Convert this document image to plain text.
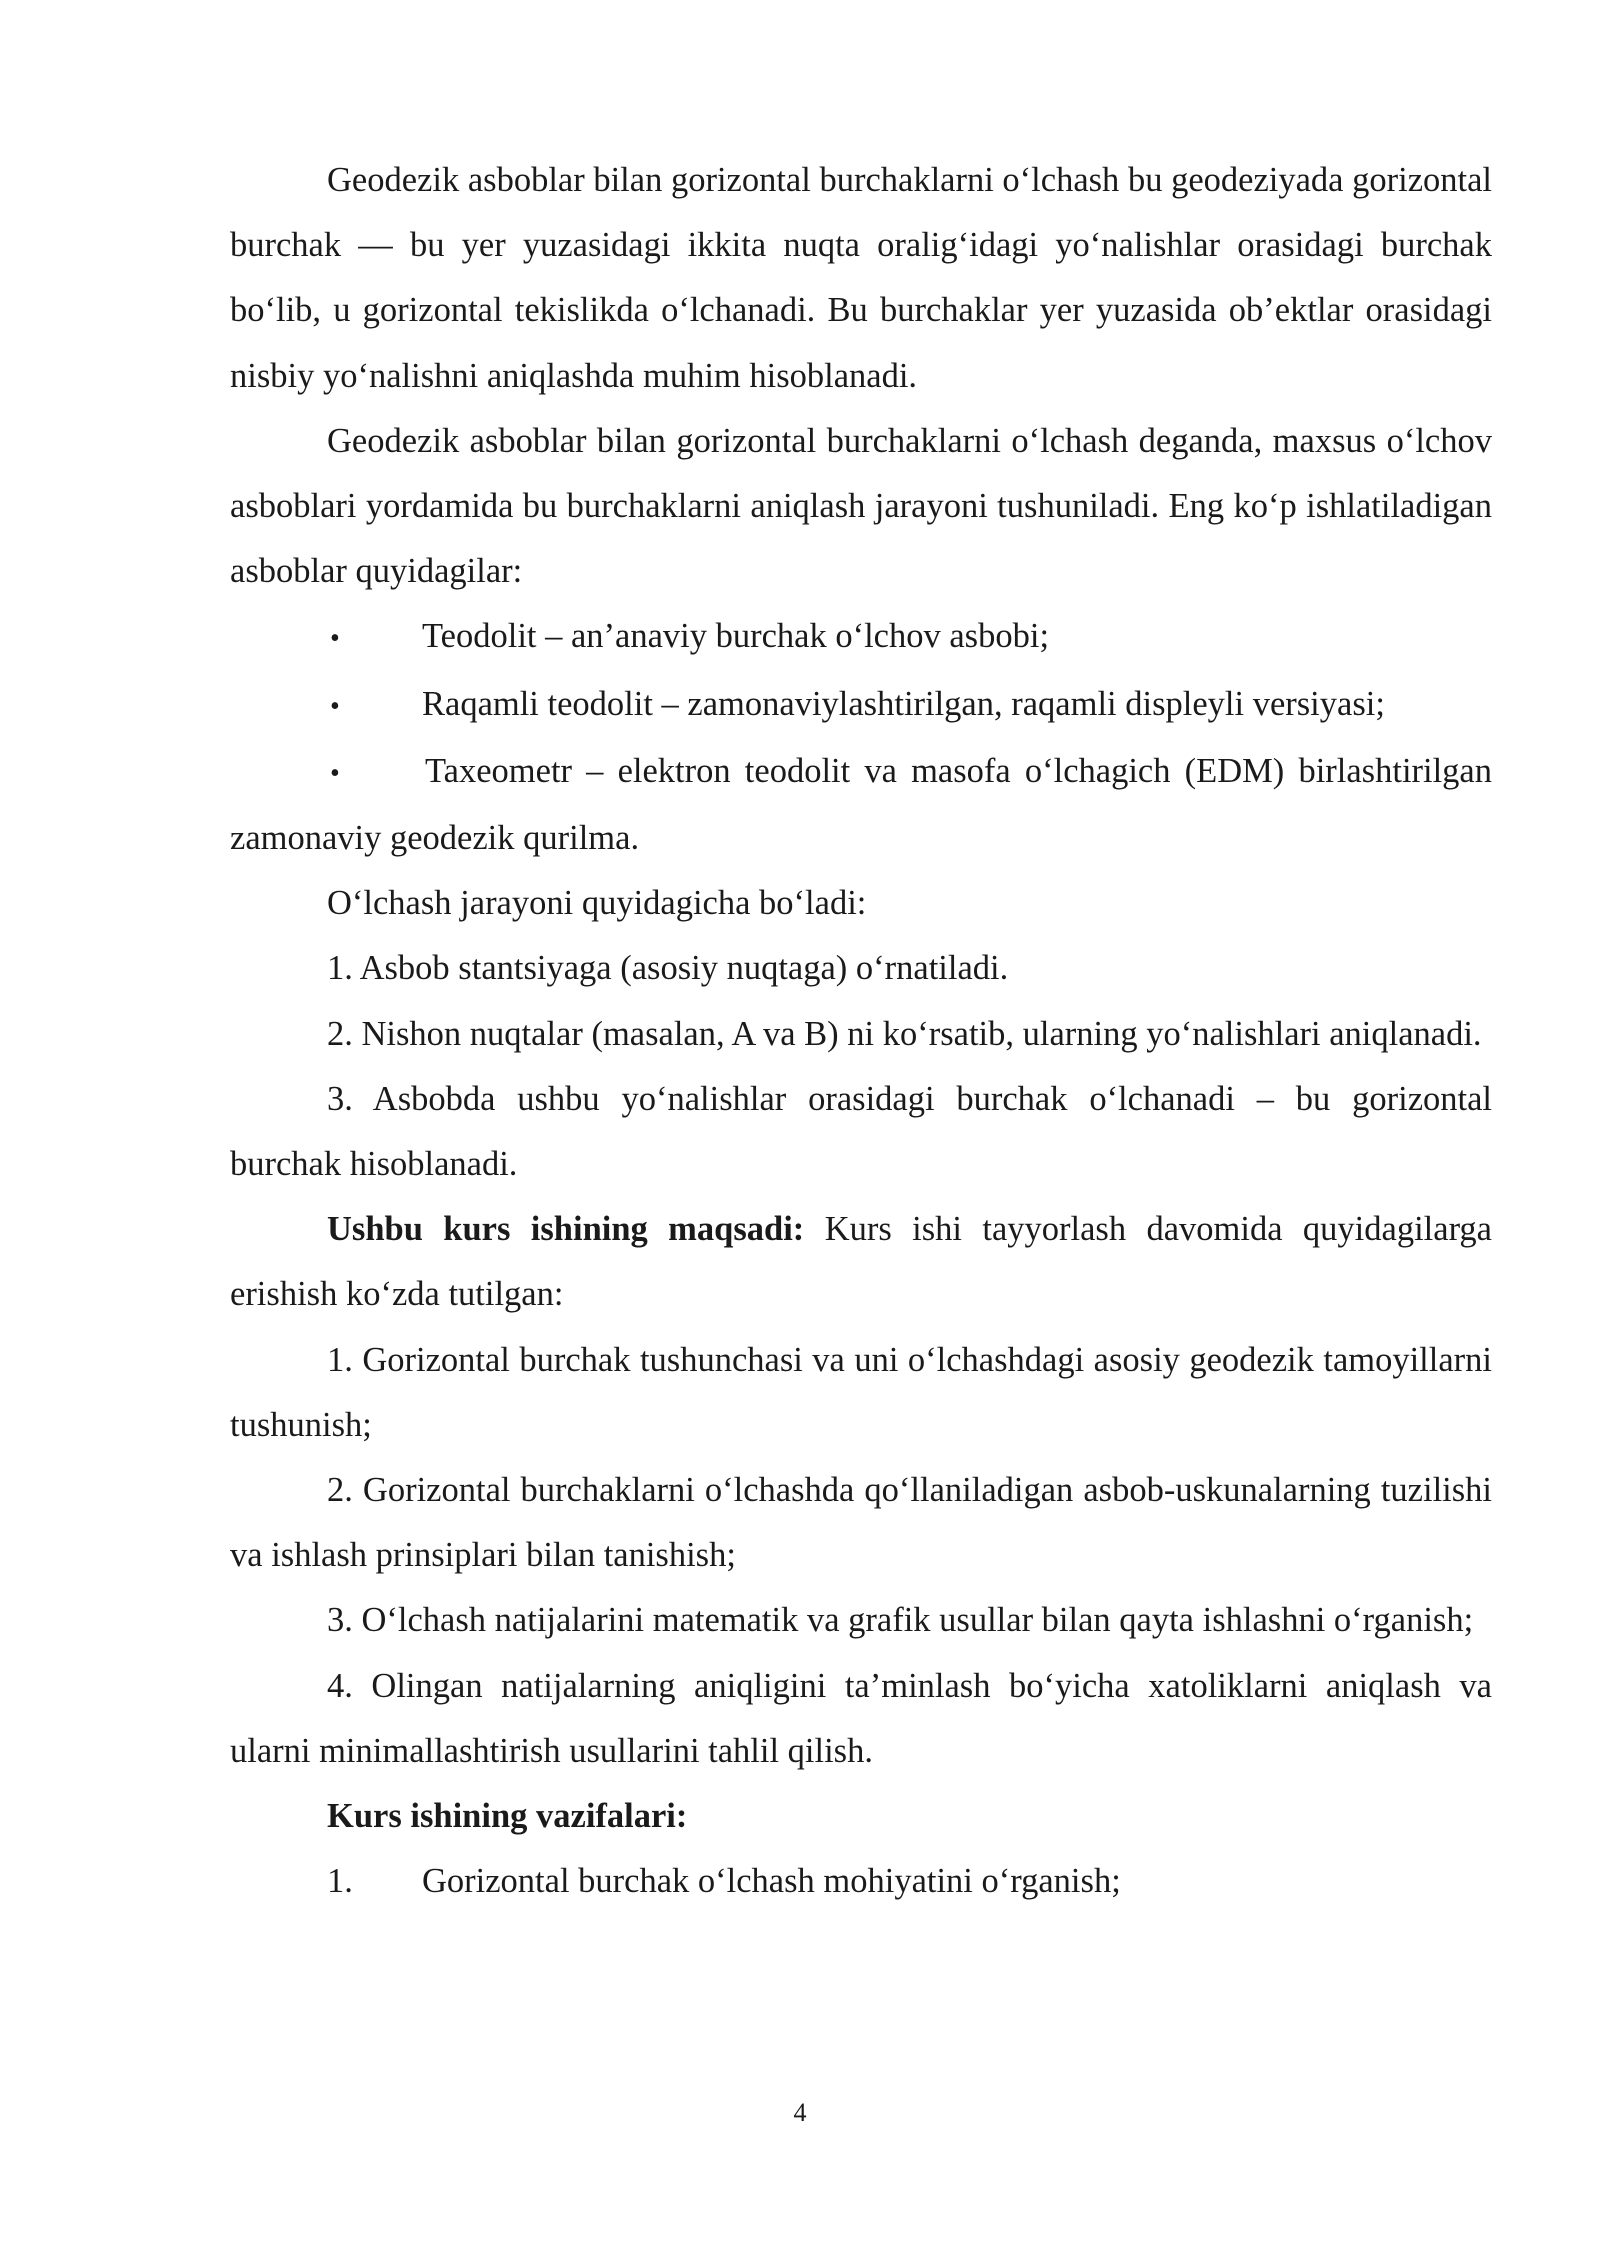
Geodezik asboblar bilan gorizontal burchaklarni o‘lchash bu geodeziyada gorizontal burchak — bu yer yuzasidagi ikkita nuqta oralig‘idagi yo‘nalishlar orasidagi burchak bo‘lib, u gorizontal tekislikda o‘lchanadi. Bu burchaklar yer yuzasida ob’ektlar orasidagi nisbiy yo‘nalishni aniqlashda muhim hisoblanadi.

Geodezik asboblar bilan gorizontal burchaklarni o‘lchash deganda, maxsus o‘lchov asboblari yordamida bu burchaklarni aniqlash jarayoni tushuniladi. Eng ko‘p ishlatiladigan asboblar quyidagilar:

•	Teodolit – an’anaviy burchak o‘lchov asbobi;
•	Raqamli teodolit – zamonaviylashtirilgan, raqamli displeyli versiyasi;

• Taxeometr – elektron teodolit va masofa o‘lchagich (EDM) birlashtirilgan zamonaviy geodezik qurilma.

O‘lchash jarayoni quyidagicha bo‘ladi:

1. Asbob stantsiyaga (asosiy nuqtaga) o‘rnatiladi.

2. Nishon nuqtalar (masalan, A va B) ni ko‘rsatib, ularning yo‘nalishlari aniqlanadi.

3. Asbobda ushbu yo‘nalishlar orasidagi burchak o‘lchanadi – bu gorizontal burchak hisoblanadi.

Ushbu kurs ishining maqsadi: Kurs ishi tayyorlash davomida quyidagilarga erishish ko‘zda tutilgan:

1. Gorizontal burchak tushunchasi va uni o‘lchashdagi asosiy geodezik tamoyillarni tushunish;

2. Gorizontal burchaklarni o‘lchashda qo‘llaniladigan asbob-uskunalarning tuzilishi va ishlash prinsiplari bilan tanishish;

3. O‘lchash natijalarini matematik va grafik usullar bilan qayta ishlashni o‘rganish;

4. Olingan natijalarning aniqligini ta’minlash bo‘yicha xatoliklarni aniqlash va ularni minimallashtirish usullarini tahlil qilish.

Kurs ishining vazifalari:

1.	Gorizontal burchak o‘lchash mohiyatini o‘rganish;
4
